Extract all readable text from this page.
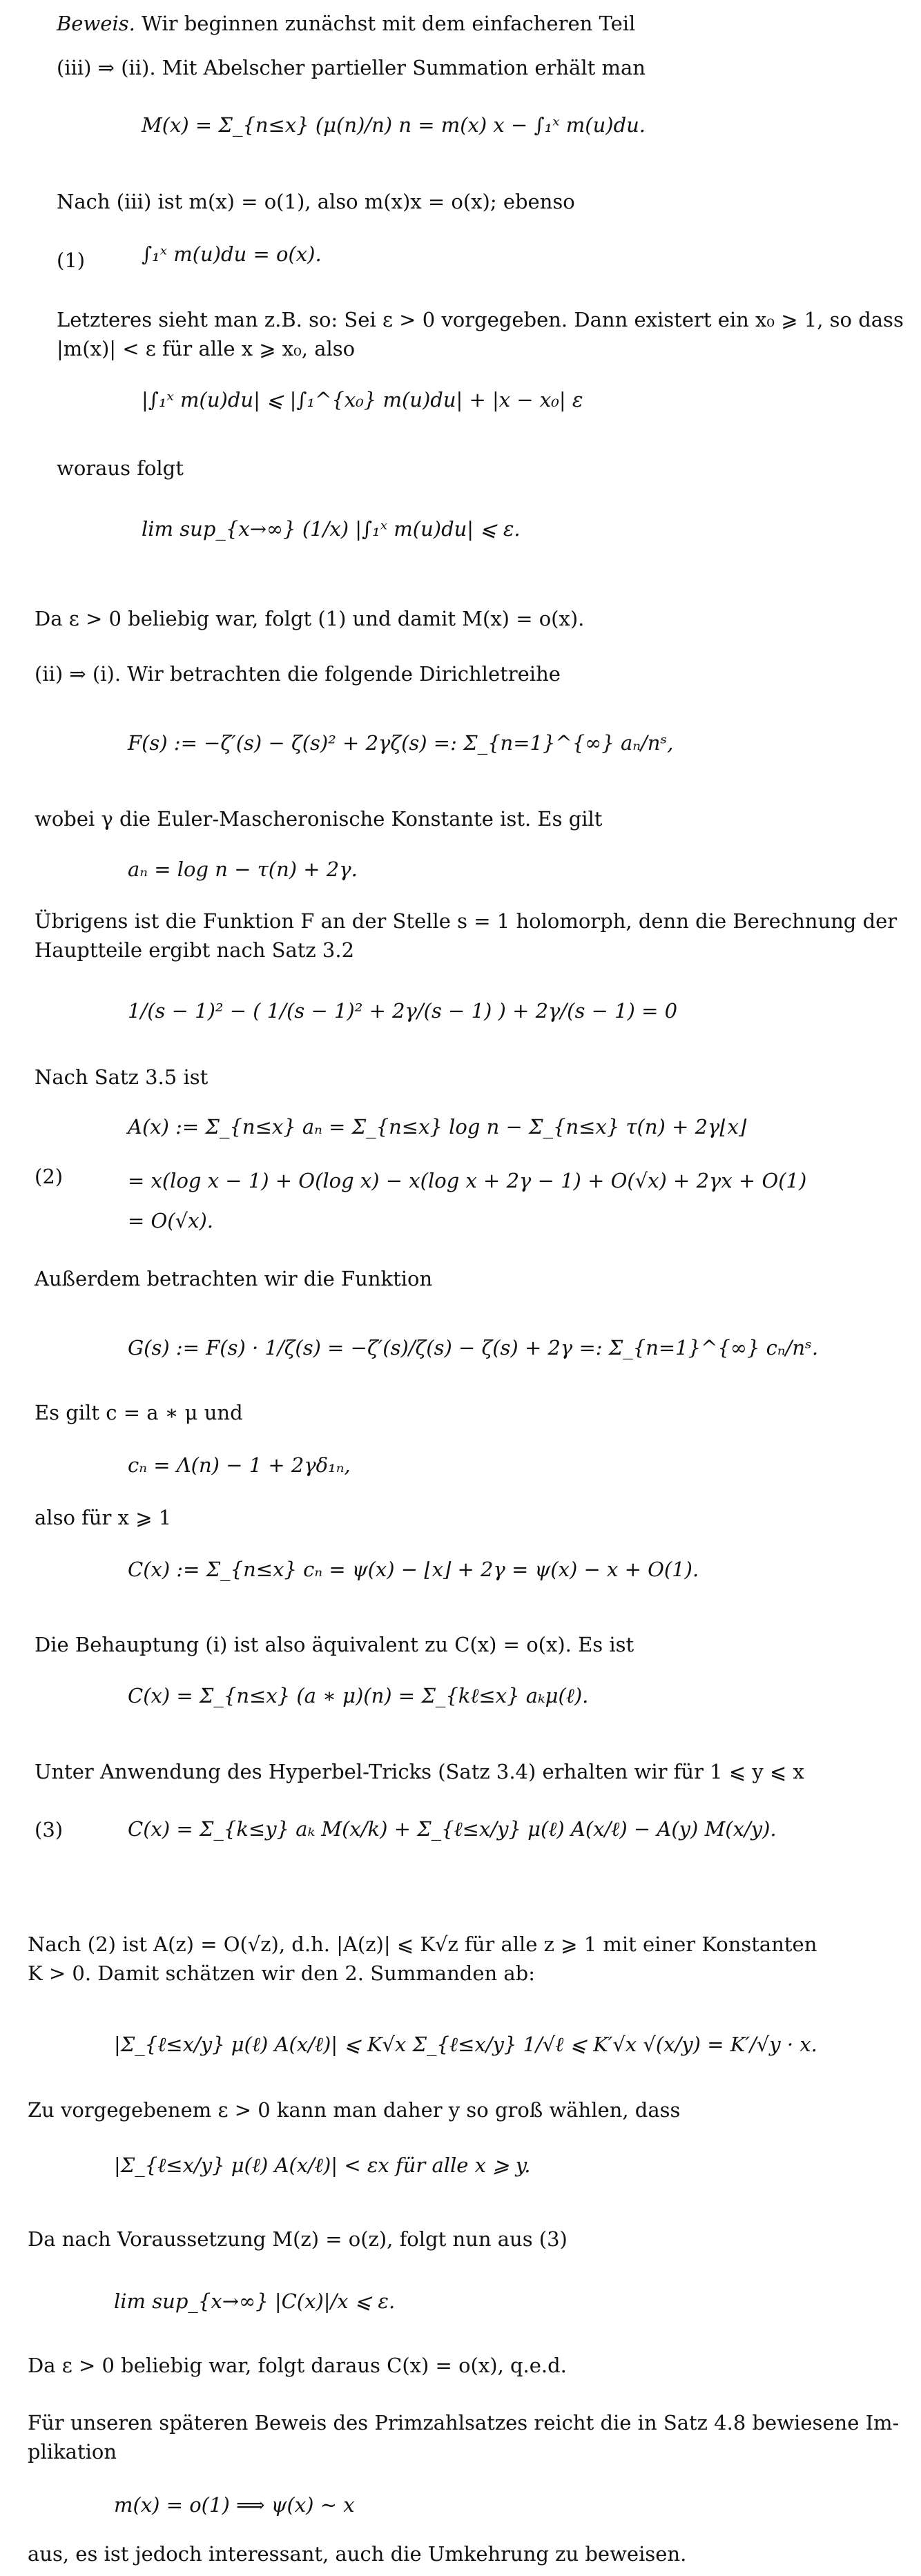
Beweis. Wir beginnen zunächst mit dem einfacheren Teil
(iii) ⇒ (ii). Mit Abelscher partieller Summation erhält man
M(x) = Σ_{n≤x} (μ(n)/n) n = m(x) x − ∫₁ˣ m(u)du.
Nach (iii) ist m(x) = o(1), also m(x)x = o(x); ebenso
(1)	∫₁ˣ m(u)du = o(x).
Letzteres sieht man z.B. so: Sei ε > 0 vorgegeben. Dann existert ein x₀ ⩾ 1, so dass
|m(x)| < ε für alle x ⩾ x₀, also
|∫₁ˣ m(u)du| ⩽ |∫₁^{x₀} m(u)du| + |x − x₀| ε
woraus folgt
lim sup_{x→∞} (1/x) |∫₁ˣ m(u)du| ⩽ ε.
Da ε > 0 beliebig war, folgt (1) und damit M(x) = o(x).
(ii) ⇒ (i). Wir betrachten die folgende Dirichletreihe
F(s) := −ζ′(s) − ζ(s)² + 2γζ(s) =: Σ_{n=1}^{∞} aₙ/nˢ,
wobei γ die Euler-Mascheronische Konstante ist. Es gilt
aₙ = log n − τ(n) + 2γ.
Übrigens ist die Funktion F an der Stelle s = 1 holomorph, denn die Berechnung der
Hauptteile ergibt nach Satz 3.2
1/(s − 1)² − ( 1/(s − 1)² + 2γ/(s − 1) ) + 2γ/(s − 1) = 0
Nach Satz 3.5 ist
A(x) := Σ_{n≤x} aₙ = Σ_{n≤x} log n − Σ_{n≤x} τ(n) + 2γ⌊x⌋
(2)	= x(log x − 1) + O(log x) − x(log x + 2γ − 1) + O(√x) + 2γx + O(1)
= O(√x).
Außerdem betrachten wir die Funktion
G(s) := F(s) · 1/ζ(s) = −ζ′(s)/ζ(s) − ζ(s) + 2γ =: Σ_{n=1}^{∞} cₙ/nˢ.
Es gilt c = a ∗ μ und
cₙ = Λ(n) − 1 + 2γδ₁ₙ,
also für x ⩾ 1
C(x) := Σ_{n≤x} cₙ = ψ(x) − ⌊x⌋ + 2γ = ψ(x) − x + O(1).
Die Behauptung (i) ist also äquivalent zu C(x) = o(x). Es ist
C(x) = Σ_{n≤x} (a ∗ μ)(n) = Σ_{kℓ≤x} aₖμ(ℓ).
Unter Anwendung des Hyperbel-Tricks (Satz 3.4) erhalten wir für 1 ⩽ y ⩽ x
(3)	C(x) = Σ_{k≤y} aₖ M(x/k) + Σ_{ℓ≤x/y} μ(ℓ) A(x/ℓ) − A(y) M(x/y).
Nach (2) ist A(z) = O(√z), d.h. |A(z)| ⩽ K√z für alle z ⩾ 1 mit einer Konstanten
K > 0. Damit schätzen wir den 2. Summanden ab:
|Σ_{ℓ≤x/y} μ(ℓ) A(x/ℓ)| ⩽ K√x Σ_{ℓ≤x/y} 1/√ℓ ⩽ K′√x √(x/y) = K′/√y · x.
Zu vorgegebenem ε > 0 kann man daher y so groß wählen, dass
|Σ_{ℓ≤x/y} μ(ℓ) A(x/ℓ)| < εx für alle x ⩾ y.
Da nach Voraussetzung M(z) = o(z), folgt nun aus (3)
lim sup_{x→∞} |C(x)|/x ⩽ ε.
Da ε > 0 beliebig war, folgt daraus C(x) = o(x), q.e.d.
Für unseren späteren Beweis des Primzahlsatzes reicht die in Satz 4.8 bewiesene Im-
plikation
m(x) = o(1) ⟹ ψ(x) ∼ x
aus, es ist jedoch interessant, auch die Umkehrung zu beweisen.
